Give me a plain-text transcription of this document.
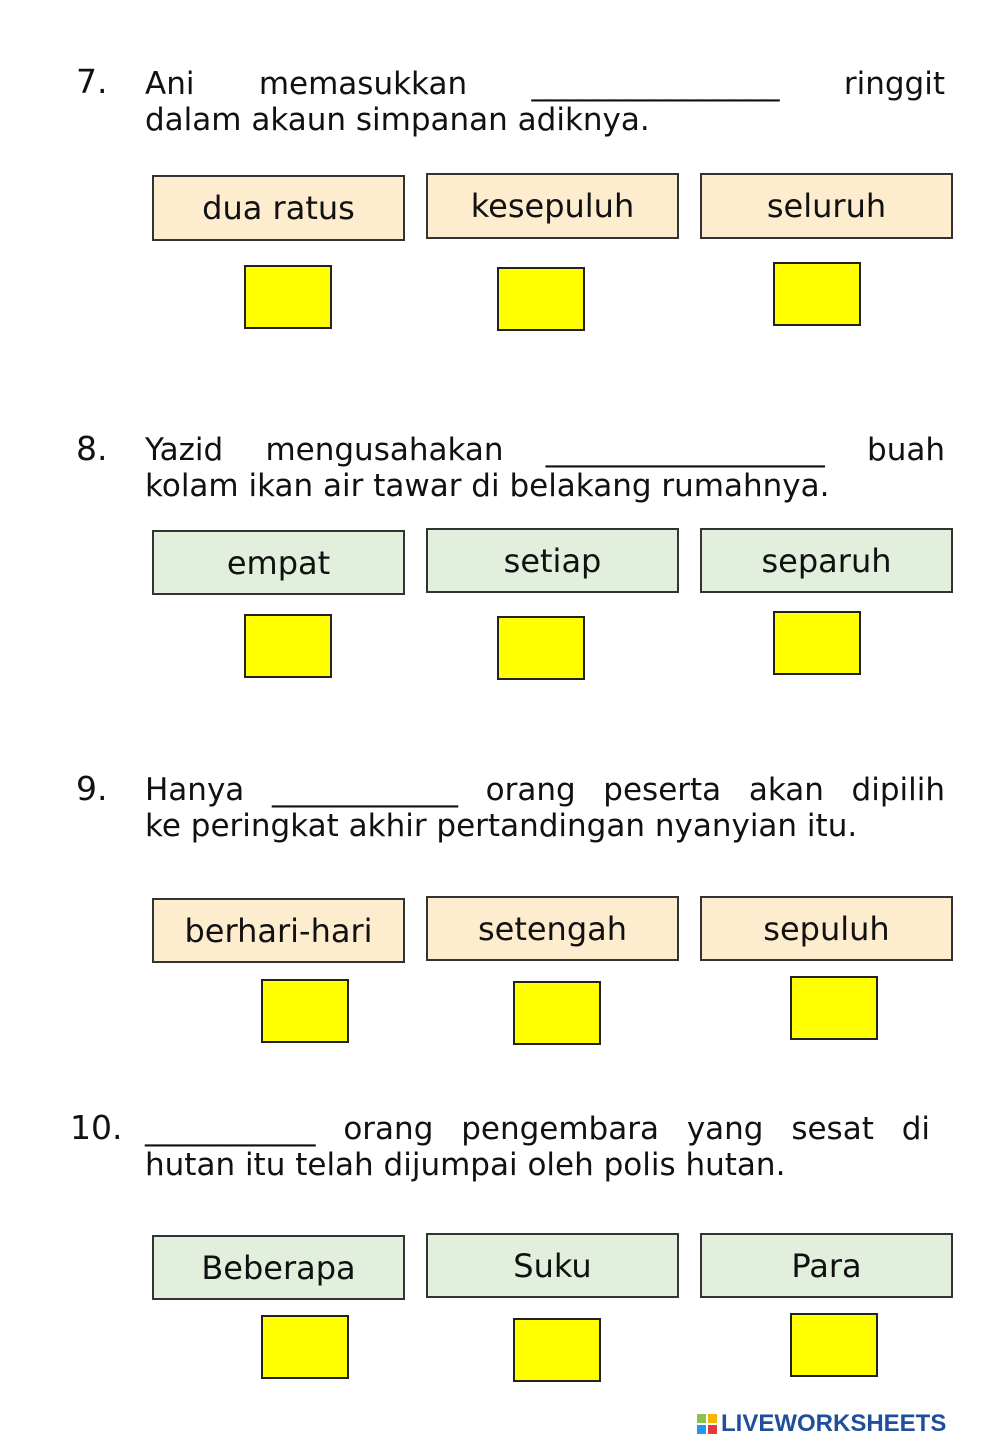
7. Ani memasukkan ________________ ringgit
dalam akaun simpanan adiknya.
dua ratus	kesepuluh	seluruh
8. Yazid mengusahakan __________________ buah
kolam ikan air tawar di belakang rumahnya.
empat	setiap	separuh
9. Hanya ____________ orang peserta akan dipilih
ke peringkat akhir pertandingan nyanyian itu.
berhari-hari	setengah	sepuluh
10. ___________ orang pengembara yang sesat di
hutan itu telah dijumpai oleh polis hutan.
Beberapa	Suku	Para
LIVEWORKSHEETS
